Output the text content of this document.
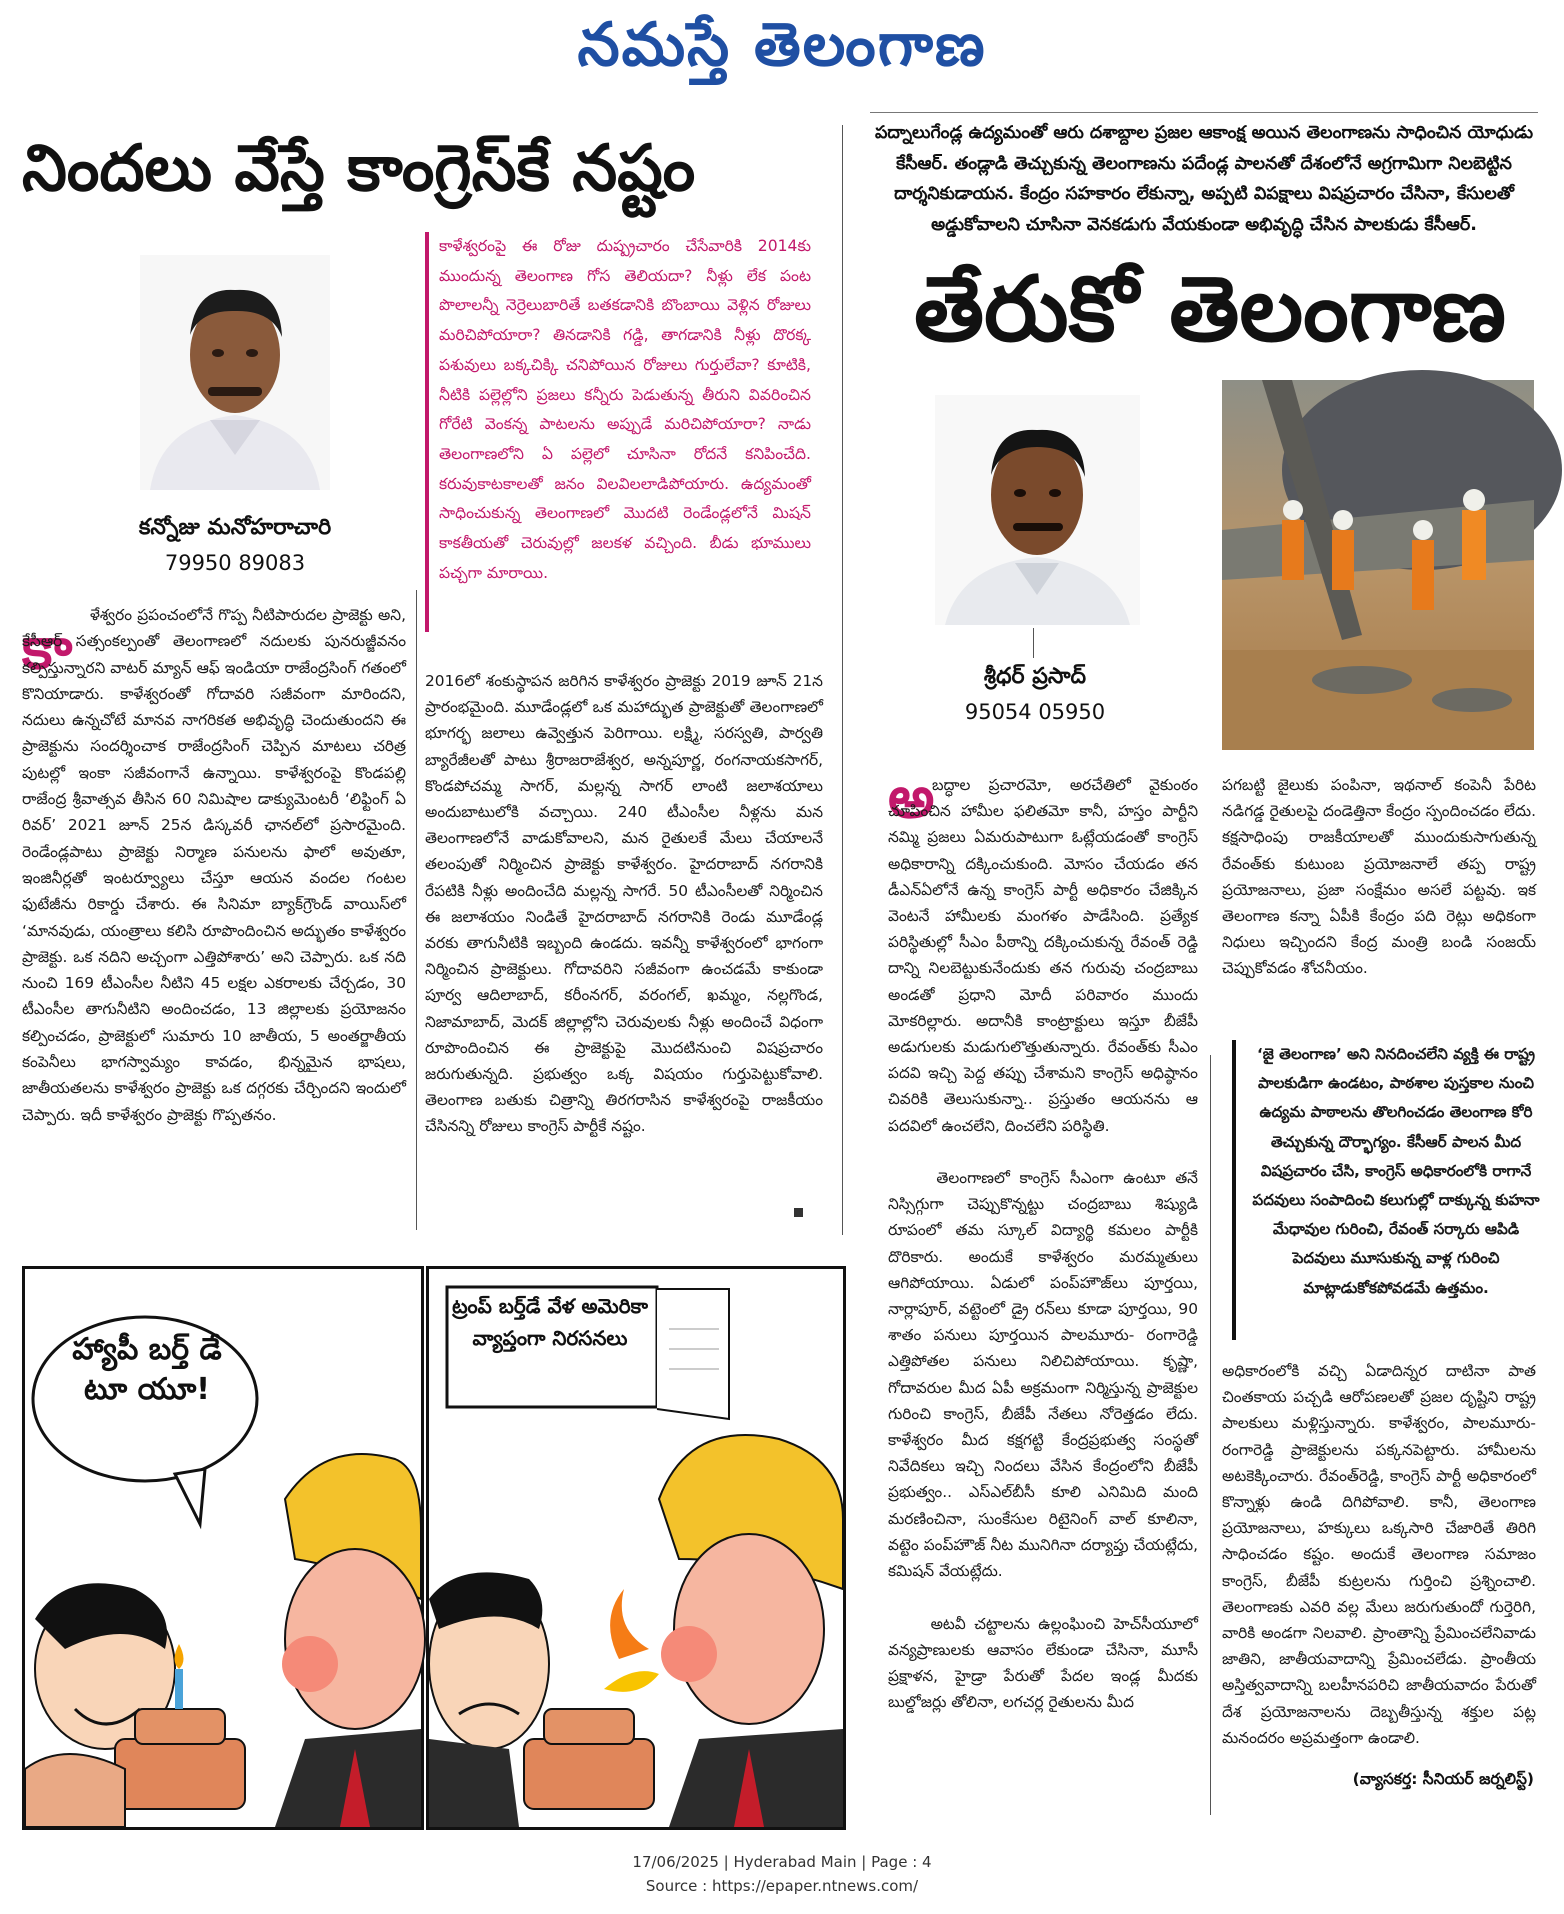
నమస్తే తెలంగాణ
నిందలు వేస్తే కాంగ్రెస్‌కే నష్టం
కన్నోజు మనోహరాచారి
79950 89083
కాళేశ్వరంపై ఈ రోజు దుష్ప్రచారం చేసేవారికి 2014కు ముందున్న తెలంగాణ గోస తెలియదా? నీళ్లు లేక పంట పొలాలన్నీ నెర్రెలుబారితే బతకడానికి బొంబాయి వెళ్లిన రోజులు మరిచిపోయారా? తినడానికి గడ్డి, తాగడానికి నీళ్లు దొరక్క పశువులు బక్కచిక్కి చనిపోయిన రోజులు గుర్తులేవా? కూటికి, నీటికి పల్లెల్లోని ప్రజలు కన్నీరు పెడుతున్న తీరుని వివరించిన గోరేటి వెంకన్న పాటలను అప్పుడే మరిచిపోయారా? నాడు తెలంగాణలోని ఏ పల్లెలో చూసినా రోదనే కనిపించేది. కరువుకాటకాలతో జనం విలవిలలాడిపోయారు. ఉద్యమంతో సాధించుకున్న తెలంగాణలో మొదటి రెండేండ్లలోనే మిషన్ కాకతీయతో చెరువుల్లో జలకళ వచ్చింది. బీడు భూములు పచ్చగా మారాయి.
కా	ళేశ్వరం ప్రపంచంలోనే గొప్ప నీటిపారుదల ప్రాజెక్టు అని, కేసీఆర్ సత్సంకల్పంతో తెలంగాణలో నదులకు పునరుజ్జీవనం కల్పిస్తున్నారని వాటర్ మ్యాన్ ఆఫ్ ఇండియా రాజేంద్రసింగ్ గతంలో కొనియాడారు. కాళేశ్వరంతో గోదావరి సజీవంగా మారిందని, నదులు ఉన్నచోటే మానవ నాగరికత అభివృద్ధి చెందుతుందని ఈ ప్రాజెక్టును సందర్శించాక రాజేంద్రసింగ్ చెప్పిన మాటలు చరిత్ర పుటల్లో ఇంకా సజీవంగానే ఉన్నాయి. కాళేశ్వరంపై కొండపల్లి రాజేంద్ర శ్రీవాత్సవ తీసిన 60 నిమిషాల డాక్యుమెంటరీ ‘లిఫ్టింగ్ ఏ రివర్’ 2021 జూన్ 25న డిస్కవరీ ఛానల్‌లో ప్రసారమైంది. రెండేండ్లపాటు ప్రాజెక్టు నిర్మాణ పనులను ఫాలో అవుతూ, ఇంజినీర్లతో ఇంటర్వ్యూలు చేస్తూ ఆయన వందల గంటల ఫుటేజీను రికార్డు చేశారు. ఈ సినిమా బ్యాక్‌గ్రౌండ్ వాయిస్‌లో ‘మానవుడు, యంత్రాలు కలిసి రూపొందించిన అద్భుతం కాళేశ్వరం ప్రాజెక్టు. ఒక నదిని అచ్చంగా ఎత్తిపోశారు’ అని చెప్పారు. ఒక నది నుంచి 169 టీఎంసీల నీటిని 45 లక్షల ఎకరాలకు చేర్చడం, 30 టీఎంసీల తాగునీటిని అందించడం, 13 జిల్లాలకు ప్రయోజనం కల్పించడం, ప్రాజెక్టులో సుమారు 10 జాతీయ, 5 అంతర్జాతీయ కంపెనీలు భాగస్వామ్యం కావడం, భిన్నమైన భాషలు, జాతీయతలను కాళేశ్వరం ప్రాజెక్టు ఒక దగ్గరకు చేర్చిందని ఇందులో చెప్పారు. ఇదీ కాళేశ్వరం ప్రాజెక్టు గొప్పతనం.
2016లో శంకుస్థాపన జరిగిన కాళేశ్వరం ప్రాజెక్టు 2019 జూన్ 21న ప్రారంభమైంది. మూడేండ్లలో ఒక మహాద్భుత ప్రాజెక్టుతో తెలంగాణలో భూగర్భ జలాలు ఉవ్వెత్తున పెరిగాయి. లక్ష్మి, సరస్వతి, పార్వతి బ్యారేజీలతో పాటు శ్రీరాజరాజేశ్వర, అన్నపూర్ణ, రంగనాయకసాగర్, కొండపోచమ్మ సాగర్, మల్లన్న సాగర్ లాంటి జలాశయాలు అందుబాటులోకి వచ్చాయి. 240 టీఎంసీల నీళ్లను మన తెలంగాణలోనే వాడుకోవాలని, మన రైతులకే మేలు చేయాలనే తలంపుతో నిర్మించిన ప్రాజెక్టు కాళేశ్వరం. హైదరాబాద్ నగరానికి రేపటికి నీళ్లు అందించేది మల్లన్న సాగరే. 50 టీఎంసీలతో నిర్మించిన ఈ జలాశయం నిండితే హైదరాబాద్ నగరానికి రెండు మూడేండ్ల వరకు తాగునీటికి ఇబ్బంది ఉండదు. ఇవన్నీ కాళేశ్వరంలో భాగంగా నిర్మించిన ప్రాజెక్టులు. గోదావరిని సజీవంగా ఉంచడమే కాకుండా పూర్వ ఆదిలాబాద్, కరీంనగర్, వరంగల్, ఖమ్మం, నల్లగొండ, నిజామాబాద్, మెదక్ జిల్లాల్లోని చెరువులకు నీళ్లు అందించే విధంగా రూపొందించిన ఈ ప్రాజెక్టుపై మొదటినుంచి విషప్రచారం జరుగుతున్నది. ప్రభుత్వం ఒక్క విషయం గుర్తుపెట్టుకోవాలి. తెలంగాణ బతుకు చిత్రాన్ని తిరగరాసిన కాళేశ్వరంపై రాజకీయం చేసినన్ని రోజులు కాంగ్రెస్ పార్టీకే నష్టం.
హ్యాపీ బర్త్ డే టూ యూ!
ట్రంప్ బర్త్‌డే వేళ అమెరికా వ్యాప్తంగా నిరసనలు
పద్నాలుగేండ్ల ఉద్యమంతో ఆరు దశాబ్దాల ప్రజల ఆకాంక్ష అయిన తెలంగాణను సాధించిన యోధుడు కేసీఆర్. తండ్లాడి తెచ్చుకున్న తెలంగాణను పదేండ్ల పాలనతో దేశంలోనే అగ్రగామిగా నిలబెట్టిన దార్శనికుడాయన. కేంద్రం సహకారం లేకున్నా, అప్పటి విపక్షాలు విషప్రచారం చేసినా, కేసులతో అడ్డుకోవాలని చూసినా వెనకడుగు వేయకుండా అభివృద్ధి చేసిన పాలకుడు కేసీఆర్.
తేరుకో తెలంగాణ
శ్రీధర్ ప్రసాద్
95054 05950
అ
బద్ధాల ప్రచారమో, అరచేతిలో వైకుంఠం చూపించిన హామీల ఫలితమో కానీ, హస్తం పార్టీని నమ్మి ప్రజలు ఏమరుపాటుగా ఓట్లేయడంతో కాంగ్రెస్ అధికారాన్ని దక్కించుకుంది. మోసం చేయడం తన డీఎన్ఏలోనే ఉన్న కాంగ్రెస్ పార్టీ అధికారం చేజిక్కిన వెంటనే హామీలకు మంగళం పాడేసింది. ప్రత్యేక పరిస్థితుల్లో సీఎం పీఠాన్ని దక్కించుకున్న రేవంత్ రెడ్డి దాన్ని నిలబెట్టుకునేందుకు తన గురువు చంద్రబాబు అండతో ప్రధాని మోదీ పరివారం ముందు మోకరిల్లారు. అదానీకి కాంట్రాక్టులు ఇస్తూ బీజేపీ అడుగులకు మడుగులొత్తుతున్నారు. రేవంత్‌కు సీఎం పదవి ఇచ్చి పెద్ద తప్పు చేశామని కాంగ్రెస్ అధిష్ఠానం చివరికి తెలుసుకున్నా.. ప్రస్తుతం ఆయనను ఆ పదవిలో ఉంచలేని, దించలేని పరిస్థితి.

తెలంగాణలో కాంగ్రెస్ సీఎంగా ఉంటూ తనే నిస్సిగ్గుగా చెప్పుకొన్నట్టు చంద్రబాబు శిష్యుడి రూపంలో తమ స్కూల్ విద్యార్థి కమలం పార్టీకి దొరికారు. అందుకే కాళేశ్వరం మరమ్మతులు ఆగిపోయాయి. ఏడులో పంప్‌హౌజ్‌లు పూర్తయి, నార్లాపూర్, వట్టెంలో డ్రై రన్‌లు కూడా పూర్తయి, 90 శాతం పనులు పూర్తయిన పాలమూరు- రంగారెడ్డి ఎత్తిపోతల పనులు నిలిచిపోయాయి. కృష్ణా, గోదావరుల మీద ఏపీ అక్రమంగా నిర్మిస్తున్న ప్రాజెక్టుల గురించి కాంగ్రెస్, బీజేపీ నేతలు నోరెత్తడం లేదు. కాళేశ్వరం మీద కక్షగట్టి కేంద్రప్రభుత్వ సంస్థతో నివేదికలు ఇచ్చి నిందలు వేసిన కేంద్రంలోని బీజేపీ ప్రభుత్వం.. ఎస్ఎల్‌బీసీ కూలి ఎనిమిది మంది మరణించినా, సుంకేసుల రిటైనింగ్ వాల్ కూలినా, వట్టెం పంప్‌హౌజ్ నీట మునిగినా దర్యాప్తు చేయట్లేదు, కమిషన్ వేయట్లేదు.

అటవీ చట్టాలను ఉల్లంఘించి హెచ్‌సీయూలో వన్యప్రాణులకు ఆవాసం లేకుండా చేసినా, మూసీ ప్రక్షాళన, హైడ్రా పేరుతో పేదల ఇండ్ల మీదకు బుల్డోజర్లు తోలినా, లగచర్ల రైతులను మీద
పగబట్టి జైలుకు పంపినా, ఇథనాల్ కంపెనీ పేరిట నడిగడ్డ రైతులపై దండెత్తినా కేంద్రం స్పందించడం లేదు. కక్షసాధింపు రాజకీయాలతో ముందుకుసాగుతున్న రేవంత్‌కు కుటుంబ ప్రయోజనాలే తప్ప రాష్ట్ర ప్రయోజనాలు, ప్రజా సంక్షేమం అసలే పట్టవు. ఇక తెలంగాణ కన్నా ఏపీకి కేంద్రం పది రెట్లు అధికంగా నిధులు ఇచ్చిందని కేంద్ర మంత్రి బండి సంజయ్ చెప్పుకోవడం శోచనీయం.
‘జై తెలంగాణ’ అని నినదించలేని వ్యక్తి ఈ రాష్ట్ర పాలకుడిగా ఉండటం, పాఠశాల పుస్తకాల నుంచి ఉద్యమ పాఠాలను తొలగించడం తెలంగాణ కోరి తెచ్చుకున్న దౌర్భాగ్యం. కేసీఆర్ పాలన మీద విషప్రచారం చేసి, కాంగ్రెస్ అధికారంలోకి రాగానే పదవులు సంపాదించి కలుగుల్లో దాక్కున్న కుహనా మేధావుల గురించి, రేవంత్ సర్కారు ఆపిడి పెదవులు మూసుకున్న వాళ్ల గురించి మాట్లాడుకోకపోవడమే ఉత్తమం.
అధికారంలోకి వచ్చి ఏడాదిన్నర దాటినా పాత చింతకాయ పచ్చడి ఆరోపణలతో ప్రజల దృష్టిని రాష్ట్ర పాలకులు మళ్లిస్తున్నారు. కాళేశ్వరం, పాలమూరు-రంగారెడ్డి ప్రాజెక్టులను పక్కనపెట్టారు. హామీలను అటకెక్కించారు. రేవంత్‌రెడ్డి, కాంగ్రెస్ పార్టీ అధికారంలో కొన్నాళ్లు ఉండి దిగిపోవాలి. కానీ, తెలంగాణ ప్రయోజనాలు, హక్కులు ఒక్కసారి చేజారితే తిరిగి సాధించడం కష్టం. అందుకే తెలంగాణ సమాజం కాంగ్రెస్, బీజేపీ కుట్రలను గుర్తించి ప్రశ్నించాలి. తెలంగాణకు ఎవరి వల్ల మేలు జరుగుతుందో గుర్తెరిగి, వారికి అండగా నిలవాలి. ప్రాంతాన్ని ప్రేమించలేనివాడు జాతిని, జాతీయవాదాన్ని ప్రేమించలేడు. ప్రాంతీయ అస్తిత్వవాదాన్ని బలహీనపరిచి జాతీయవాదం పేరుతో దేశ ప్రయోజనాలను దెబ్బతీస్తున్న శక్తుల పట్ల మనందరం అప్రమత్తంగా ఉండాలి.
(వ్యాసకర్త: సీనియర్ జర్నలిస్ట్)
17/06/2025 | Hyderabad Main | Page : 4
Source : https://epaper.ntnews.com/
